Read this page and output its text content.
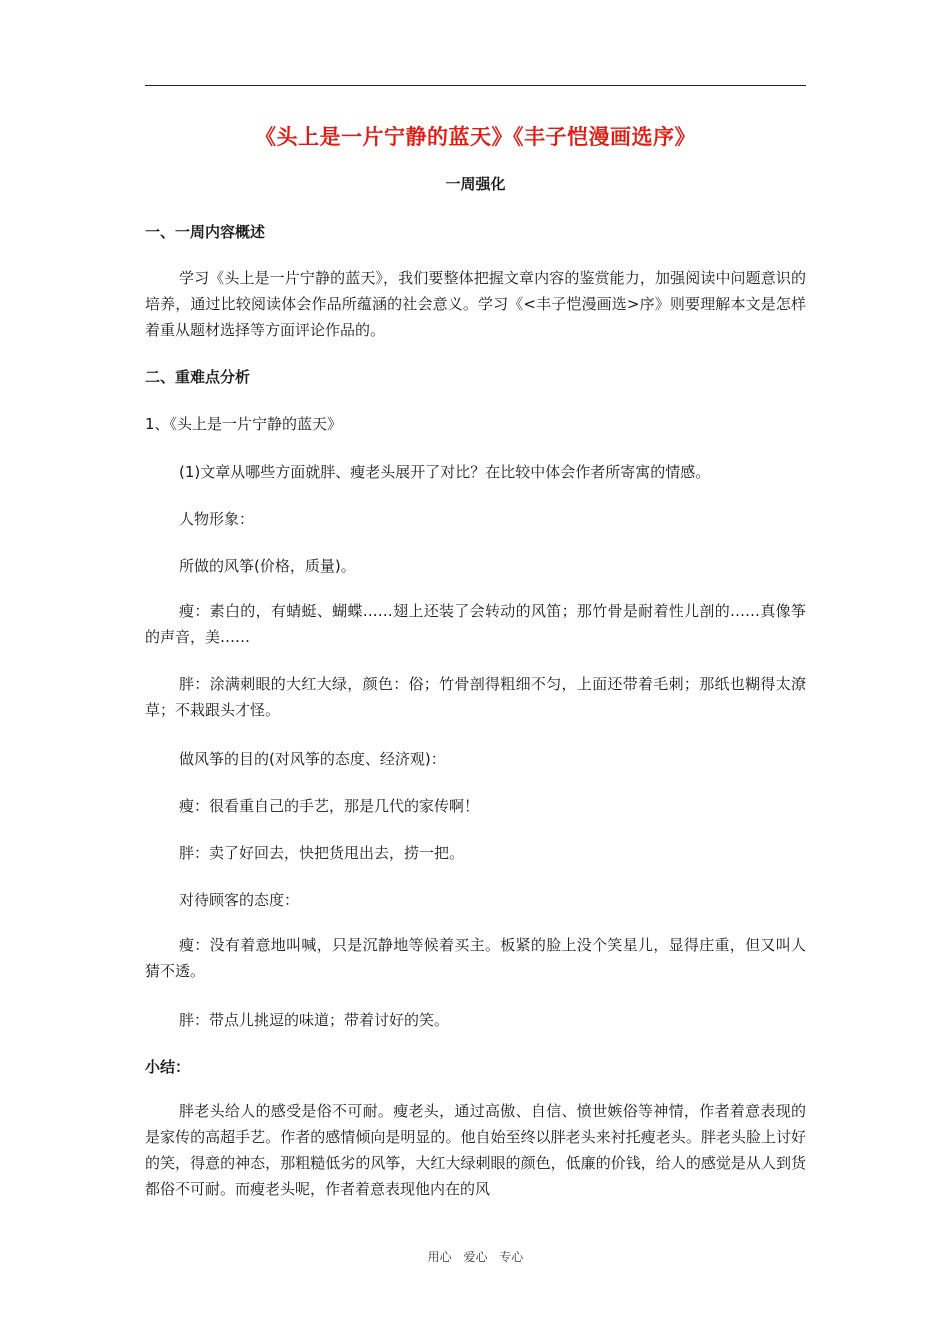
《头上是一片宁静的蓝天》《丰子恺漫画选序》
一周强化
一、一周内容概述

学习《头上是一片宁静的蓝天》，我们要整体把握文章内容的鉴赏能力，加强阅读中问题意识的培养，通过比较阅读体会作品所蕴涵的社会意义。学习《<丰子恺漫画选>序》则要理解本文是怎样着重从题材选择等方面评论作品的。

二、重难点分析
1、《头上是一片宁静的蓝天》
(1)文章从哪些方面就胖、瘦老头展开了对比？在比较中体会作者所寄寓的情感。
人物形象：
所做的风筝(价格，质量)。

瘦：素白的，有蜻蜓、蝴蝶……翅上还装了会转动的风笛；那竹骨是耐着性儿剖的……真像筝的声音，美……

胖：涂满刺眼的大红大绿，颜色：俗；竹骨剖得粗细不匀，上面还带着毛刺；那纸也糊得太潦草；不栽跟头才怪。

做风筝的目的(对风筝的态度、经济观)：
瘦：很看重自己的手艺，那是几代的家传啊！
胖：卖了好回去，快把货甩出去，捞一把。
对待顾客的态度：

瘦：没有着意地叫喊，只是沉静地等候着买主。板紧的脸上没个笑星儿，显得庄重，但又叫人猜不透。

胖：带点儿挑逗的味道；带着讨好的笑。
小结：

胖老头给人的感受是俗不可耐。瘦老头，通过高傲、自信、愤世嫉俗等神情，作者着意表现的是家传的高超手艺。作者的感情倾向是明显的。他自始至终以胖老头来衬托瘦老头。胖老头脸上讨好的笑，得意的神态，那粗糙低劣的风筝，大红大绿刺眼的颜色，低廉的价钱，给人的感觉是从人到货都俗不可耐。而瘦老头呢，作者着意表现他内在的风

用心 爱心 专心
